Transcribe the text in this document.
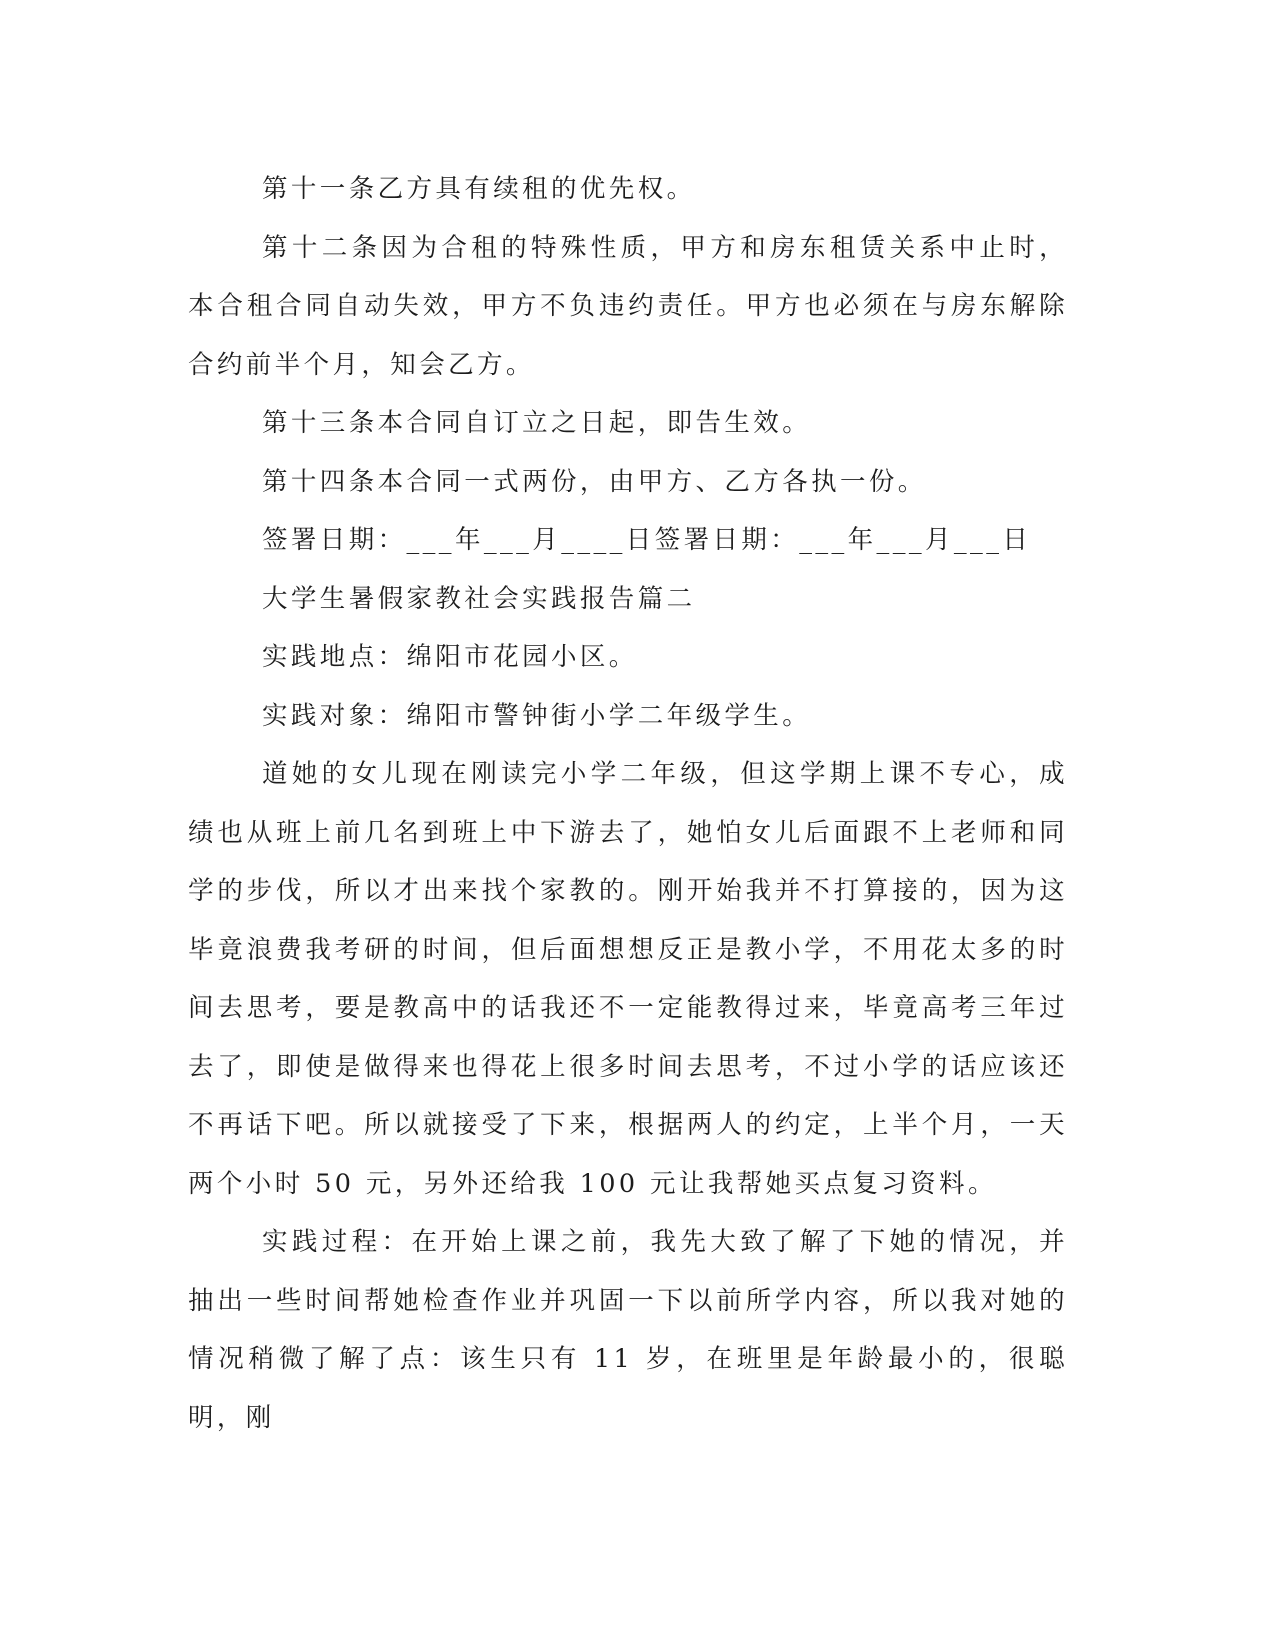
第十一条乙方具有续租的优先权。

第十二条因为合租的特殊性质，甲方和房东租赁关系中止时，本合租合同自动失效，甲方不负违约责任。甲方也必须在与房东解除合约前半个月，知会乙方。

第十三条本合同自订立之日起，即告生效。

第十四条本合同一式两份，由甲方、乙方各执一份。

签署日期：___年___月____日签署日期：___年___月___日

大学生暑假家教社会实践报告篇二

实践地点：绵阳市花园小区。

实践对象：绵阳市警钟街小学二年级学生。

道她的女儿现在刚读完小学二年级，但这学期上课不专心，成绩也从班上前几名到班上中下游去了，她怕女儿后面跟不上老师和同学的步伐，所以才出来找个家教的。刚开始我并不打算接的，因为这毕竟浪费我考研的时间，但后面想想反正是教小学，不用花太多的时间去思考，要是教高中的话我还不一定能教得过来，毕竟高考三年过去了，即使是做得来也得花上很多时间去思考，不过小学的话应该还不再话下吧。所以就接受了下来，根据两人的约定，上半个月，一天两个小时 50 元，另外还给我 100 元让我帮她买点复习资料。

实践过程：在开始上课之前，我先大致了解了下她的情况，并抽出一些时间帮她检查作业并巩固一下以前所学内容，所以我对她的情况稍微了解了点：该生只有 11 岁，在班里是年龄最小的，很聪明，刚
